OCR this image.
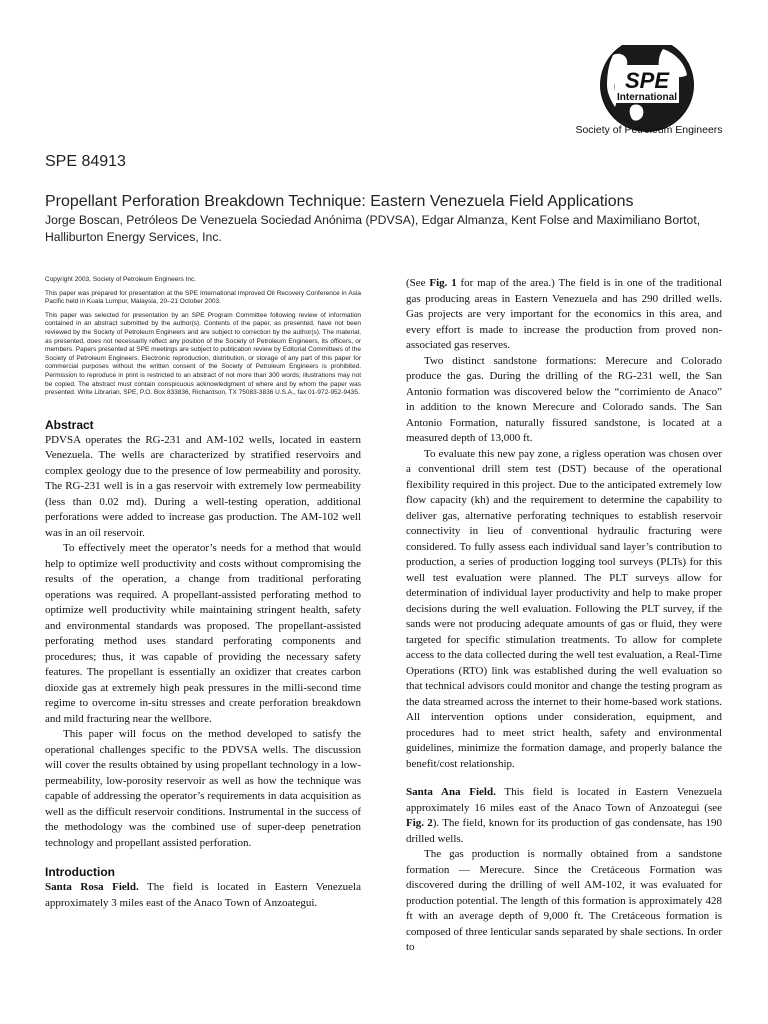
SPE
International
Society of Petroleum Engineers
SPE 84913
Propellant Perforation Breakdown Technique: Eastern Venezuela Field Applications
Jorge Boscan, Petróleos De Venezuela Sociedad Anónima (PDVSA), Edgar Almanza, Kent Folse and Maximiliano Bortot, Halliburton Energy Services, Inc.

Copyright 2003, Society of Petroleum Engineers Inc.

This paper was prepared for presentation at the SPE International Improved Oil Recovery Conference in Asia Pacific held in Kuala Lumpur, Malaysia, 20–21 October 2003.

This paper was selected for presentation by an SPE Program Committee following review of information contained in an abstract submitted by the author(s). Contents of the paper, as presented, have not been reviewed by the Society of Petroleum Engineers and are subject to correction by the author(s). The material, as presented, does not necessarily reflect any position of the Society of Petroleum Engineers, its officers, or members. Papers presented at SPE meetings are subject to publication review by Editorial Committees of the Society of Petroleum Engineers. Electronic reproduction, distribution, or storage of any part of this paper for commercial purposes without the written consent of the Society of Petroleum Engineers is prohibited. Permission to reproduce in print is restricted to an abstract of not more than 300 words; illustrations may not be copied. The abstract must contain conspicuous acknowledgment of where and by whom the paper was presented. Write Librarian, SPE, P.O. Box 833836, Richardson, TX 75083-3836 U.S.A., fax 01-972-952-9435.

Abstract

PDVSA operates the RG-231 and AM-102 wells, located in eastern Venezuela. The wells are characterized by stratified reservoirs and complex geology due to the presence of low permeability and porosity. The RG-231 well is in a gas reservoir with extremely low permeability (less than 0.02 md). During a well-testing operation, additional perforations were added to increase gas production. The AM-102 well was in an oil reservoir.

To effectively meet the operator’s needs for a method that would help to optimize well productivity and costs without compromising the results of the operation, a change from traditional perforating operations was required. A propellant-assisted perforating method to optimize well productivity while maintaining stringent health, safety and environmental standards was proposed. The propellant-assisted perforating method uses standard perforating components and procedures; thus, it was capable of providing the necessary safety features. The propellant is essentially an oxidizer that creates carbon dioxide gas at extremely high peak pressures in the milli-second time regime to overcome in-situ stresses and create perforation breakdown and mild fracturing near the wellbore.

This paper will focus on the method developed to satisfy the operational challenges specific to the PDVSA wells. The discussion will cover the results obtained by using propellant technology in a low-permeability, low-porosity reservoir as well as how the technique was capable of addressing the operator’s requirements in data acquisition as well as the difficult reservoir conditions. Instrumental in the success of the methodology was the combined use of super-deep penetration technology and propellant assisted perforation.

Introduction

Santa Rosa Field. The field is located in Eastern Venezuela approximately 3 miles east of the Anaco Town of Anzoategui.

(See Fig. 1 for map of the area.) The field is in one of the traditional gas producing areas in Eastern Venezuela and has 290 drilled wells. Gas projects are very important for the economics in this area, and every effort is made to increase the production from proved non-associated gas reserves.

Two distinct sandstone formations: Merecure and Colorado produce the gas. During the drilling of the RG-231 well, the San Antonio formation was discovered below the “corrimiento de Anaco” in addition to the known Merecure and Colorado sands. The San Antonio Formation, naturally fissured sandstone, is located at a measured depth of 13,000 ft.

To evaluate this new pay zone, a rigless operation was chosen over a conventional drill stem test (DST) because of the operational flexibility required in this project. Due to the anticipated extremely low flow capacity (kh) and the requirement to determine the capability to deliver gas, alternative perforating techniques to establish reservoir connectivity in lieu of conventional hydraulic fracturing were considered. To fully assess each individual sand layer’s contribution to production, a series of production logging tool surveys (PLTs) for this well test evaluation were planned. The PLT surveys allow for determination of individual layer productivity and help to make proper decisions during the well evaluation. Following the PLT survey, if the sands were not producing adequate amounts of gas or fluid, they were targeted for specific stimulation treatments. To allow for complete access to the data collected during the well test evaluation, a Real-Time Operations (RTO) link was established during the well evaluation so that technical advisors could monitor and change the testing program as the data streamed across the internet to their home-based work stations. All intervention options under consideration, equipment, and procedures had to meet strict health, safety and environmental guidelines, minimize the formation damage, and properly balance the benefit/cost relationship.

Santa Ana Field. This field is located in Eastern Venezuela approximately 16 miles east of the Anaco Town of Anzoategui (see Fig. 2). The field, known for its production of gas condensate, has 190 drilled wells.

The gas production is normally obtained from a sandstone formation — Merecure. Since the Cretáceous Formation was discovered during the drilling of well AM-102, it was evaluated for production potential. The length of this formation is approximately 428 ft with an average depth of 9,000 ft. The Cretáceous formation is composed of three lenticular sands separated by shale sections. In order to
